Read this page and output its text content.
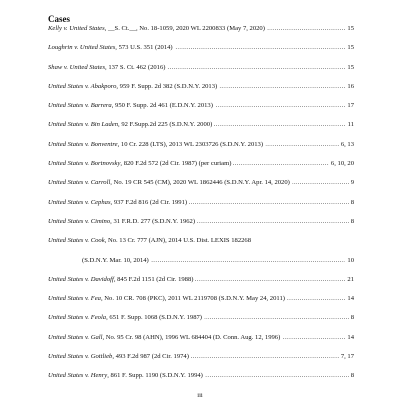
Cases
. . .
Kelly v. United States, __S. Ct.__, No. 18-1059, 2020 WL 2200833 (May 7, 2020)	15
. . .
Loughrin v. United States, 573 U.S. 351 (2014)	15
. . .
Shaw v. United States, 137 S. Ct. 462 (2016)	15
. . .
United States v. Abakporo, 959 F. Supp. 2d 382 (S.D.N.Y. 2013)	16
. . .
United States v. Barrera, 950 F. Supp. 2d 461 (E.D.N.Y. 2013)	17
. . .
United States v. Bin Laden, 92 F.Supp.2d 225 (S.D.N.Y. 2000)	11
. . .
United States v. Bonventre, 10 Cr. 228 (LTS), 2013 WL 2303726 (S.D.N.Y. 2013)	6, 13
. . .
United States v. Bortnovsky, 820 F.2d 572 (2d Cir. 1987) (per curiam)	6, 10, 20
. . .
United States v. Carroll, No. 19 CR 545 (CM), 2020 WL 1862446 (S.D.N.Y. Apr. 14, 2020)	9
. . .
United States v. Cephas, 937 F.2d 816 (2d Cir. 1991)	8
. . .
United States v. Cimino, 31 F.R.D. 277 (S.D.N.Y. 1962)	8
United States v. Cook, No. 13 Cr. 777 (AJN), 2014 U.S. Dist. LEXIS 182268
. . .
(S.D.N.Y. Mar. 10, 2014)	10
. . .
United States v. Davidoff, 845 F.2d 1151 (2d Cir. 1988)	21
. . .
United States v. Fea, No. 10 CR. 708 (PKC), 2011 WL 2119708 (S.D.N.Y. May 24, 2011)	14
. . .
United States v. Feola, 651 F. Supp. 1068 (S.D.N.Y. 1987)	8
. . .
United States v. Gall, No. 95 Cr. 98 (AHN), 1996 WL 684404 (D. Conn. Aug. 12, 1996)	14
. . .
United States v. Gottlieb, 493 F.2d 987 (2d Cir. 1974)	7, 17
. . .
United States v. Henry, 861 F. Supp. 1190 (S.D.N.Y. 1994)	8
iii
